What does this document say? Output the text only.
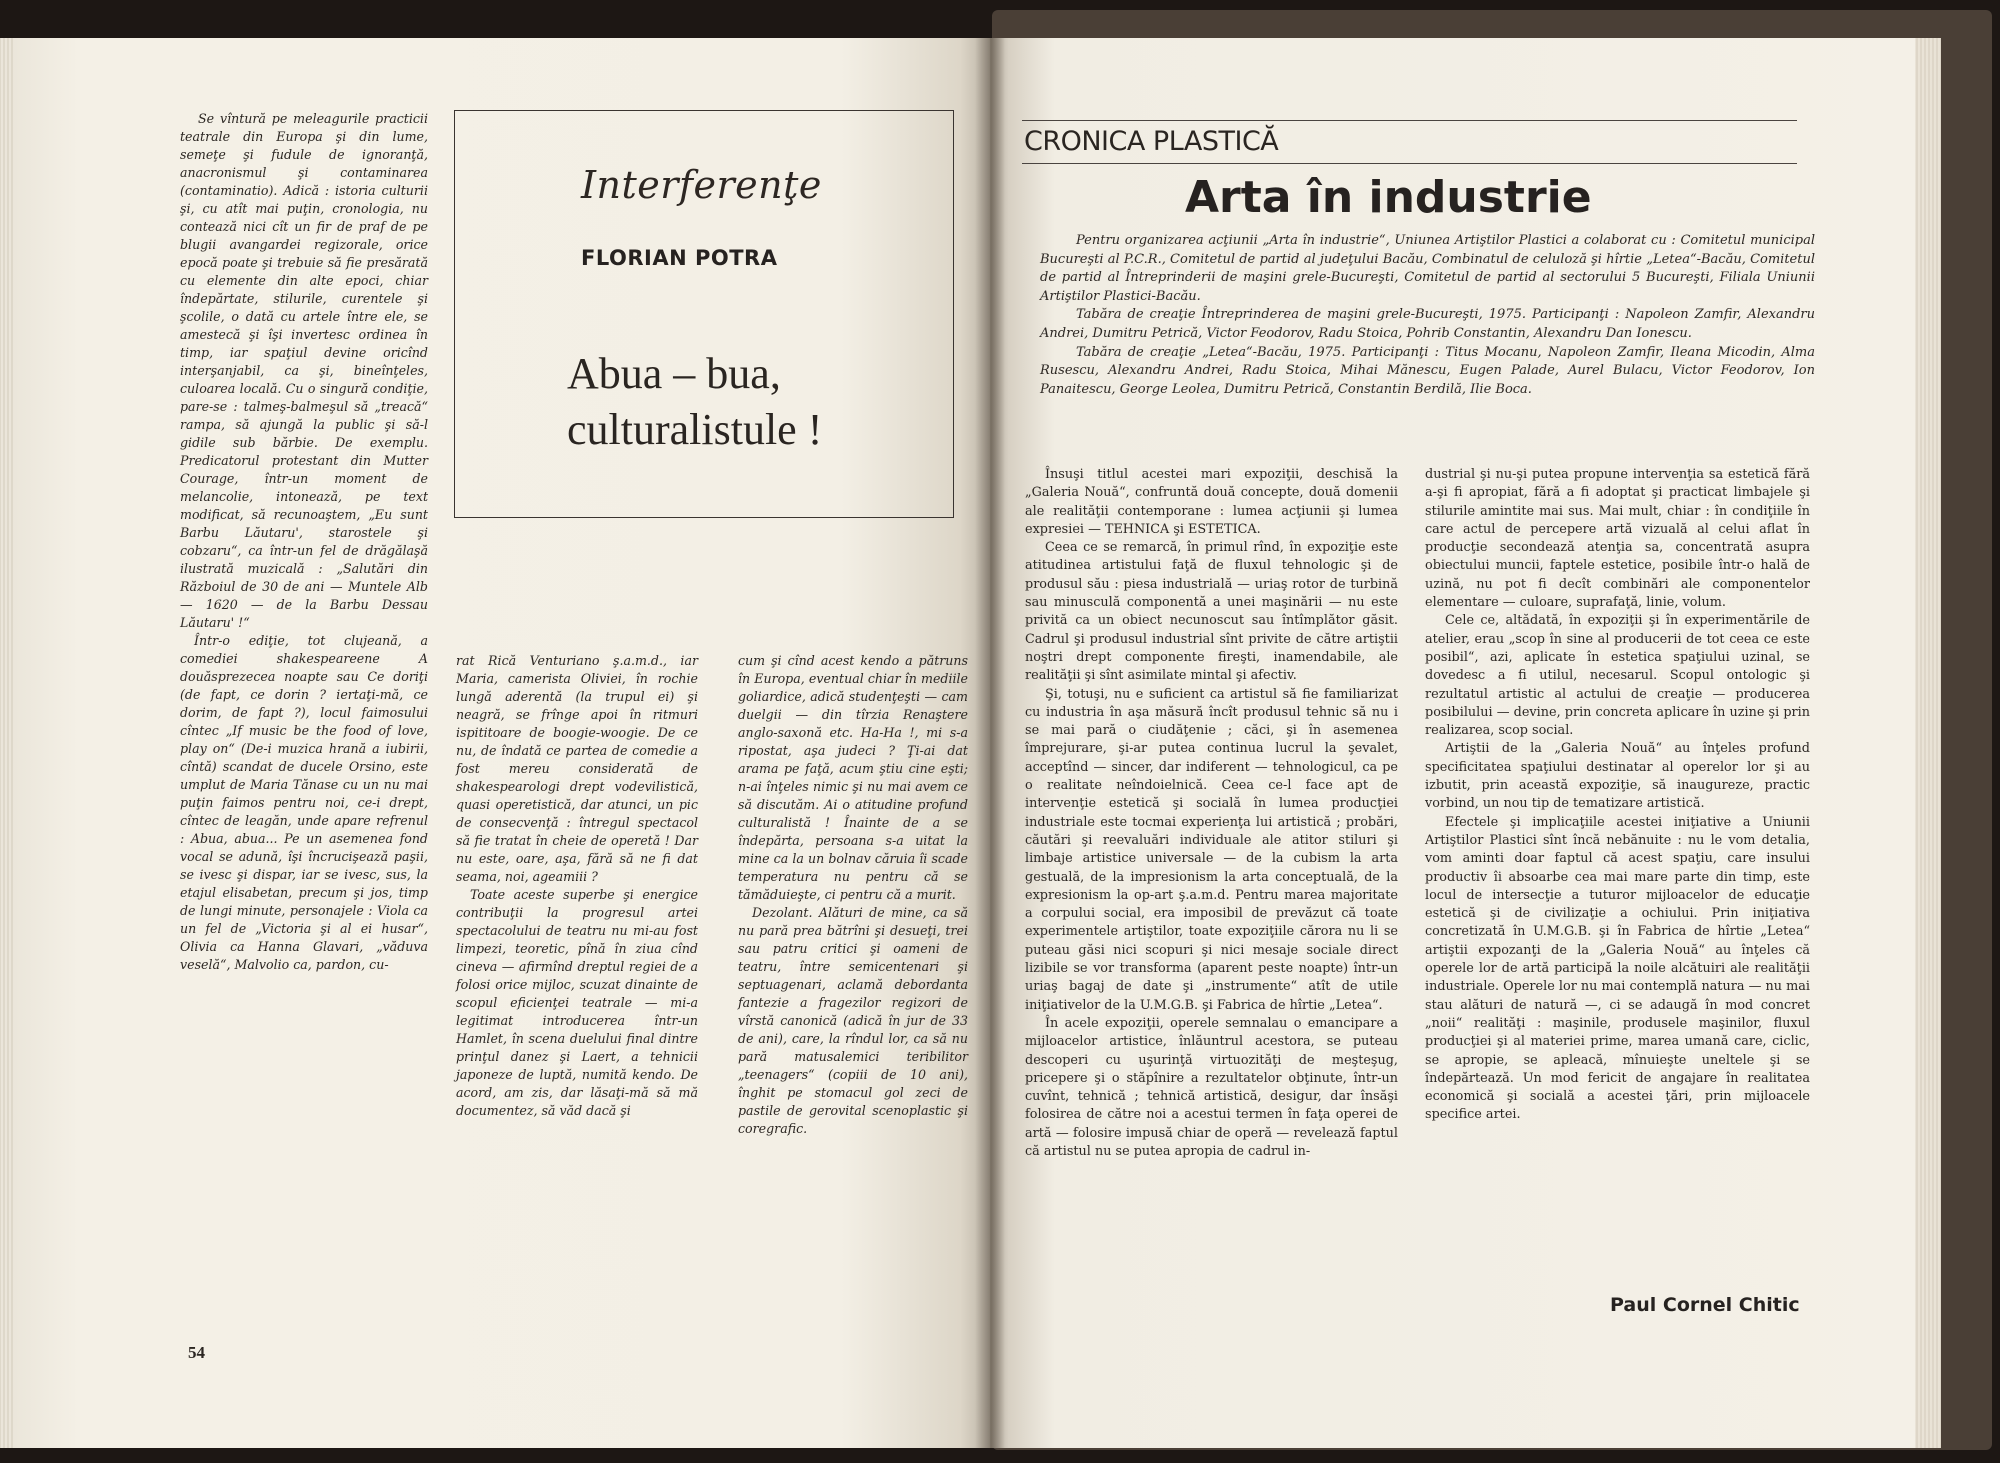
Se vîntură pe meleagurile practicii teatrale din Europa şi din lume, semeţe şi fudule de ignoranţă, anacronismul şi contaminarea (contaminatio). Adică : istoria culturii şi, cu atît mai puţin, cronologia, nu contează nici cît un fir de praf de pe blugii avangardei regizorale, orice epocă poate şi trebuie să fie presărată cu elemente din alte epoci, chiar îndepărtate, stilurile, curentele şi şcolile, o dată cu artele între ele, se amestecă şi îşi invertesc ordinea în timp, iar spaţiul devine oricînd interşanjabil, ca şi, bineînţeles, culoarea locală. Cu o singură condiţie, pare-se : talmeş-balmeşul să „treacă“ rampa, să ajungă la public şi să-l gidile sub bărbie. De exemplu. Predicatorul protestant din Mutter Courage, într-un moment de melancolie, intonează, pe text modificat, să recunoaştem, „Eu sunt Barbu Lăutaru', starostele şi cobzaru“, ca într-un fel de drăgălaşă ilustrată muzicală : „Salutări din Războiul de 30 de ani — Muntele Alb — 1620 — de la Barbu Dessau Lăutaru' !“

Într-o ediţie, tot clujeană, a comediei shakespeareene A douăsprezecea noapte sau Ce doriţi (de fapt, ce dorin ? iertaţi-mă, ce dorim, de fapt ?), locul faimosului cîntec „If music be the food of love, play on“ (De-i muzica hrană a iubirii, cîntă) scandat de ducele Orsino, este umplut de Maria Tănase cu un nu mai puţin faimos pentru noi, ce-i drept, cîntec de leagăn, unde apare refrenul : Abua, abua... Pe un asemenea fond vocal se adună, îşi încrucişează paşii, se ivesc şi dispar, iar se ivesc, sus, la etajul elisabetan, precum şi jos, timp de lungi minute, personajele : Viola ca un fel de „Victoria şi al ei husar“, Olivia ca Hanna Glavari, „văduva veselă“, Malvolio ca, pardon, cu-

Interferenţe
FLORIAN POTRA
Abua – bua,
culturalistule !

rat Rică Venturiano ş.a.m.d., iar Maria, camerista Oliviei, în rochie lungă aderentă (la trupul ei) şi neagră, se frînge apoi în ritmuri ispititoare de boogie-woogie. De ce nu, de îndată ce partea de comedie a fost mereu considerată de shakespearologi drept vodevilistică, quasi operetistică, dar atunci, un pic de consecvenţă : întregul spectacol să fie tratat în cheie de operetă ! Dar nu este, oare, aşa, fără să ne fi dat seama, noi, ageamiii ?

Toate aceste superbe şi energice contribuţii la progresul artei spectacolului de teatru nu mi-au fost limpezi, teoretic, pînă în ziua cînd cineva — afirmînd dreptul regiei de a folosi orice mijloc, scuzat dinainte de scopul eficienţei teatrale — mi-a legitimat introducerea într-un Hamlet, în scena duelului final dintre prinţul danez şi Laert, a tehnicii japoneze de luptă, numită kendo. De acord, am zis, dar lăsaţi-mă să mă documentez, să văd dacă şi

cum şi cînd acest kendo a pătruns în Europa, eventual chiar în mediile goliardice, adică studenţeşti — cam duelgii — din tîrzia Renaştere anglo-saxonă etc. Ha-Ha !, mi s-a ripostat, aşa judeci ? Ţi-ai dat arama pe faţă, acum ştiu cine eşti; n-ai înţeles nimic şi nu mai avem ce să discutăm. Ai o atitudine profund culturalistă ! Înainte de a se îndepărta, persoana s-a uitat la mine ca la un bolnav căruia îi scade temperatura nu pentru că se tămăduieşte, ci pentru că a murit.

Dezolant. Alături de mine, ca să nu pară prea bătrîni şi desueţi, trei sau patru critici şi oameni de teatru, între semicentenari şi septuagenari, aclamă debordanta fantezie a fragezilor regizori de vîrstă canonică (adică în jur de 33 de ani), care, la rîndul lor, ca să nu pară matusalemici teribilitor „teenagers“ (copiii de 10 ani), înghit pe stomacul gol zeci de pastile de gerovital scenoplastic şi coregrafic.

54
CRONICA PLASTICĂ
Arta în industrie

Pentru organizarea acţiunii „Arta în industrie“, Uniunea Artiştilor Plastici a colaborat cu : Comitetul municipal Bucureşti al P.C.R., Comitetul de partid al judeţului Bacău, Combinatul de celuloză şi hîrtie „Letea“-Bacău, Comitetul de partid al Întreprinderii de maşini grele-Bucureşti, Comitetul de partid al sectorului 5 Bucureşti, Filiala Uniunii Artiştilor Plastici-Bacău.

Tabăra de creaţie Întreprinderea de maşini grele-Bucureşti, 1975. Participanţi : Napoleon Zamfir, Alexandru Andrei, Dumitru Petrică, Victor Feodorov, Radu Stoica, Pohrib Constantin, Alexandru Dan Ionescu.

Tabăra de creaţie „Letea“-Bacău, 1975. Participanţi : Titus Mocanu, Napoleon Zamfir, Ileana Micodin, Alma Rusescu, Alexandru Andrei, Radu Stoica, Mihai Mănescu, Eugen Palade, Aurel Bulacu, Victor Feodorov, Ion Panaitescu, George Leolea, Dumitru Petrică, Constantin Berdilă, Ilie Boca.

Însuşi titlul acestei mari expoziţii, deschisă la „Galeria Nouă“, confruntă două concepte, două domenii ale realităţii contemporane : lumea acţiunii şi lumea expresiei — TEHNICA şi ESTETICA.

Ceea ce se remarcă, în primul rînd, în expoziţie este atitudinea artistului faţă de fluxul tehnologic şi de produsul său : piesa industrială — uriaş rotor de turbină sau minusculă componentă a unei maşinării — nu este privită ca un obiect necunoscut sau întîmplător găsit. Cadrul şi produsul industrial sînt privite de către artiştii noştri drept componente fireşti, inamendabile, ale realităţii şi sînt asimilate mintal şi afectiv.

Şi, totuşi, nu e suficient ca artistul să fie familiarizat cu industria în aşa măsură încît produsul tehnic să nu i se mai pară o ciudăţenie ; căci, şi în asemenea împrejurare, şi-ar putea continua lucrul la şevalet, acceptînd — sincer, dar indiferent — tehnologicul, ca pe o realitate neîndoielnică. Ceea ce-l face apt de intervenţie estetică şi socială în lumea producţiei industriale este tocmai experienţa lui artistică ; probări, căutări şi reevaluări individuale ale atitor stiluri şi limbaje artistice universale — de la cubism la arta gestuală, de la impresionism la arta conceptuală, de la expresionism la op-art ş.a.m.d. Pentru marea majoritate a corpului social, era imposibil de prevăzut că toate experimentele artiştilor, toate expoziţiile cărora nu li se puteau găsi nici scopuri şi nici mesaje sociale direct lizibile se vor transforma (aparent peste noapte) într-un uriaş bagaj de date şi „instrumente“ atît de utile iniţiativelor de la U.M.G.B. şi Fabrica de hîrtie „Letea“.

În acele expoziţii, operele semnalau o emancipare a mijloacelor artistice, înlăuntrul acestora, se puteau descoperi cu uşurinţă virtuozităţi de meşteşug, pricepere şi o stăpînire a rezultatelor obţinute, într-un cuvînt, tehnică ; tehnică artistică, desigur, dar însăşi folosirea de către noi a acestui termen în faţa operei de artă — folosire impusă chiar de operă — revelează faptul că artistul nu se putea apropia de cadrul in-

dustrial şi nu-şi putea propune intervenţia sa estetică fără a-şi fi apropiat, fără a fi adoptat şi practicat limbajele şi stilurile amintite mai sus. Mai mult, chiar : în condiţiile în care actul de percepere artă vizuală al celui aflat în producţie secondează atenţia sa, concentrată asupra obiectului muncii, faptele estetice, posibile într-o hală de uzină, nu pot fi decît combinări ale componentelor elementare — culoare, suprafaţă, linie, volum.

Cele ce, altădată, în expoziţii şi în experimentările de atelier, erau „scop în sine al producerii de tot ceea ce este posibil“, azi, aplicate în estetica spaţiului uzinal, se dovedesc a fi utilul, necesarul. Scopul ontologic şi rezultatul artistic al actului de creaţie — producerea posibilului — devine, prin concreta aplicare în uzine şi prin realizarea, scop social.

Artiştii de la „Galeria Nouă“ au înţeles profund specificitatea spaţiului destinatar al operelor lor şi au izbutit, prin această expoziţie, să inaugureze, practic vorbind, un nou tip de tematizare artistică.

Efectele şi implicaţiile acestei iniţiative a Uniunii Artiştilor Plastici sînt încă nebănuite : nu le vom detalia, vom aminti doar faptul că acest spaţiu, care insului productiv îi absoarbe cea mai mare parte din timp, este locul de intersecţie a tuturor mijloacelor de educaţie estetică şi de civilizaţie a ochiului. Prin iniţiativa concretizată în U.M.G.B. şi în Fabrica de hîrtie „Letea“ artiştii expozanţi de la „Galeria Nouă“ au înţeles că operele lor de artă participă la noile alcătuiri ale realităţii industriale. Operele lor nu mai contemplă natura — nu mai stau alături de natură —, ci se adaugă în mod concret „noii“ realităţi : maşinile, produsele maşinilor, fluxul producţiei şi al materiei prime, marea umană care, ciclic, se apropie, se apleacă, mînuieşte uneltele şi se îndepărtează. Un mod fericit de angajare în realitatea economică şi socială a acestei ţări, prin mijloacele specifice artei.

Paul Cornel Chitic
